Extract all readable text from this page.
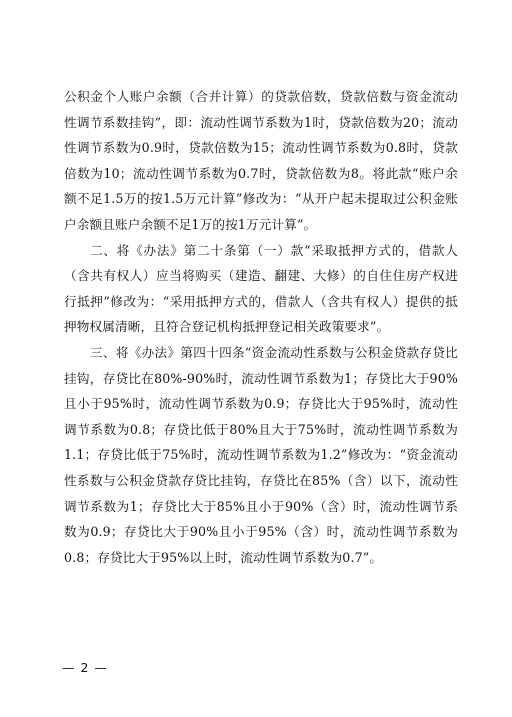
公积金个人账户余额（合并计算）的贷款倍数，贷款倍数与资金流动性调节系数挂钩”，即：流动性调节系数为1时，贷款倍数为20；流动性调节系数为0.9时，贷款倍数为15；流动性调节系数为0.8时，贷款倍数为10；流动性调节系数为0.7时，贷款倍数为8。将此款“账户余额不足1.5万的按1.5万元计算”修改为：“从开户起未提取过公积金账户余额且账户余额不足1万的按1万元计算”。

二、将《办法》第二十条第（一）款“采取抵押方式的，借款人（含共有权人）应当将购买（建造、翻建、大修）的自住住房产权进行抵押”修改为：“采用抵押方式的，借款人（含共有权人）提供的抵押物权属清晰，且符合登记机构抵押登记相关政策要求”。

三、将《办法》第四十四条“资金流动性系数与公积金贷款存贷比挂钩，存贷比在80%-90%时，流动性调节系数为1；存贷比大于90%且小于95%时，流动性调节系数为0.9；存贷比大于95%时，流动性调节系数为0.8；存贷比低于80%且大于75%时，流动性调节系数为1.1；存贷比低于75%时，流动性调节系数为1.2”修改为：“资金流动性系数与公积金贷款存贷比挂钩，存贷比在85%（含）以下，流动性调节系数为1；存贷比大于85%且小于90%（含）时，流动性调节系数为0.9；存贷比大于90%且小于95%（含）时，流动性调节系数为0.8；存贷比大于95%以上时，流动性调节系数为0.7”。

— 2 —
